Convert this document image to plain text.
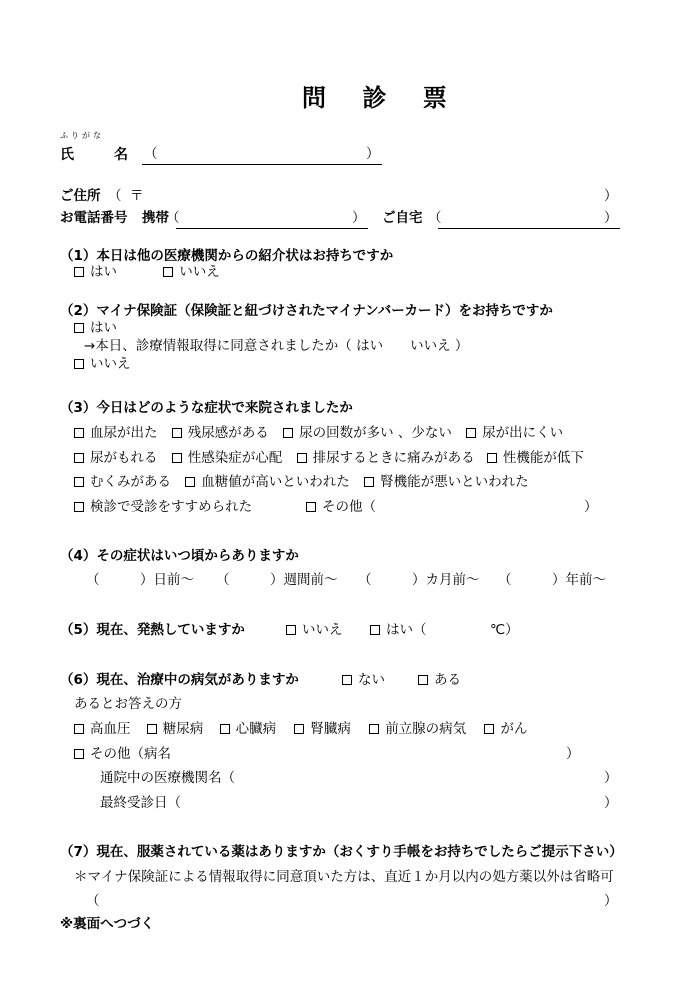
問 診 票
ふりがな
氏	名 （	）
ご住所 （ 〒	）
お電話番号 携帯
（	） ご自宅 （	）
（1）本日は他の医療機関からの紹介状はお持ちですか
はい	いいえ
（2）マイナ保険証（保険証と紐づけされたマイナンバーカード）をお持ちですか
はい
→本日、診療情報取得に同意されましたか（ はい　　いいえ ）
いいえ
（3）今日はどのような症状で来院されましたか
血尿が出た 残尿感がある 尿の回数が多い 、少ない 尿が出にくい
尿がもれる 性感染症が心配 排尿するときに痛みがある 性機能が低下
むくみがある 血糖値が高いといわれた 腎機能が悪いといわれた
検診で受診をすすめられた	その他（	）
（4）その症状はいつ頃からありますか
（　　　）日前〜 （　　　）週間前〜 （　　　）カ月前〜 （　　　）年前〜
（5）現在、発熱していますか	いいえ	はい（	℃）
（6）現在、治療中の病気がありますか	ない	ある
あるとお答えの方
高血圧 糖尿病 心臓病	腎臓病	前立腺の病気	がん
その他（病名	）
通院中の医療機関名（	）
最終受診日（	）
（7）現在、服薬されている薬はありますか（おくすり手帳をお持ちでしたらご提示下さい）
＊マイナ保険証による情報取得に同意頂いた方は、直近１か月以内の処方薬以外は省略可
（	）
※裏面へつづく
